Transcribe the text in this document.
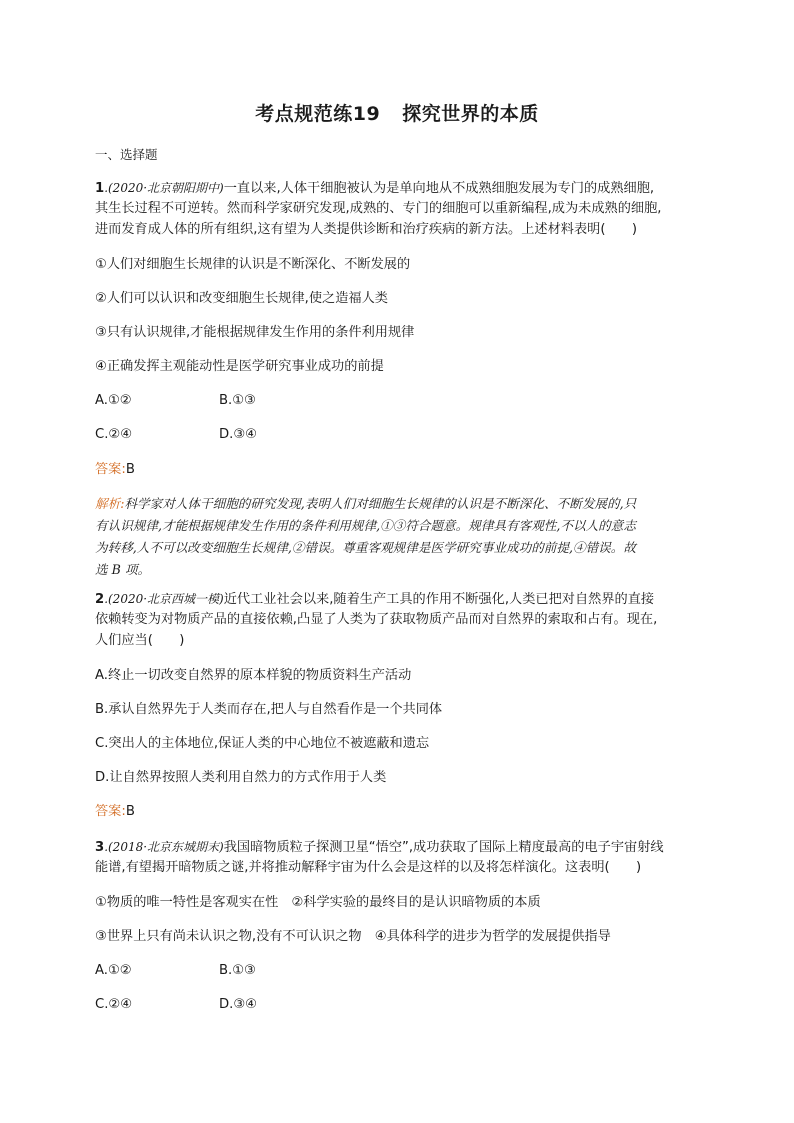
考点规范练19 探究世界的本质
一、选择题
1.(2020·北京朝阳期中)一直以来,人体干细胞被认为是单向地从不成熟细胞发展为专门的成熟细胞,
其生长过程不可逆转。然而科学家研究发现,成熟的、专门的细胞可以重新编程,成为未成熟的细胞,
进而发育成人体的所有组织,这有望为人类提供诊断和治疗疾病的新方法。上述材料表明(　　)
①人们对细胞生长规律的认识是不断深化、不断发展的
②人们可以认识和改变细胞生长规律,使之造福人类
③只有认识规律,才能根据规律发生作用的条件利用规律
④正确发挥主观能动性是医学研究事业成功的前提
A.①②	B.①③
C.②④	D.③④
答案:B
解析:科学家对人体干细胞的研究发现,表明人们对细胞生长规律的认识是不断深化、不断发展的,只
有认识规律,才能根据规律发生作用的条件利用规律,①③符合题意。规律具有客观性,不以人的意志
为转移,人不可以改变细胞生长规律,②错误。尊重客观规律是医学研究事业成功的前提,④错误。故
选 B 项。
2.(2020·北京西城一模)近代工业社会以来,随着生产工具的作用不断强化,人类已把对自然界的直接
依赖转变为对物质产品的直接依赖,凸显了人类为了获取物质产品而对自然界的索取和占有。现在,
人们应当(　　)
A.终止一切改变自然界的原本样貌的物质资料生产活动
B.承认自然界先于人类而存在,把人与自然看作是一个共同体
C.突出人的主体地位,保证人类的中心地位不被遮蔽和遗忘
D.让自然界按照人类利用自然力的方式作用于人类
答案:B
3.(2018·北京东城期末)我国暗物质粒子探测卫星“悟空”,成功获取了国际上精度最高的电子宇宙射线
能谱,有望揭开暗物质之谜,并将推动解释宇宙为什么会是这样的以及将怎样演化。这表明(　　)
①物质的唯一特性是客观实在性　②科学实验的最终目的是认识暗物质的本质
③世界上只有尚未认识之物,没有不可认识之物　④具体科学的进步为哲学的发展提供指导
A.①②	B.①③
C.②④	D.③④
